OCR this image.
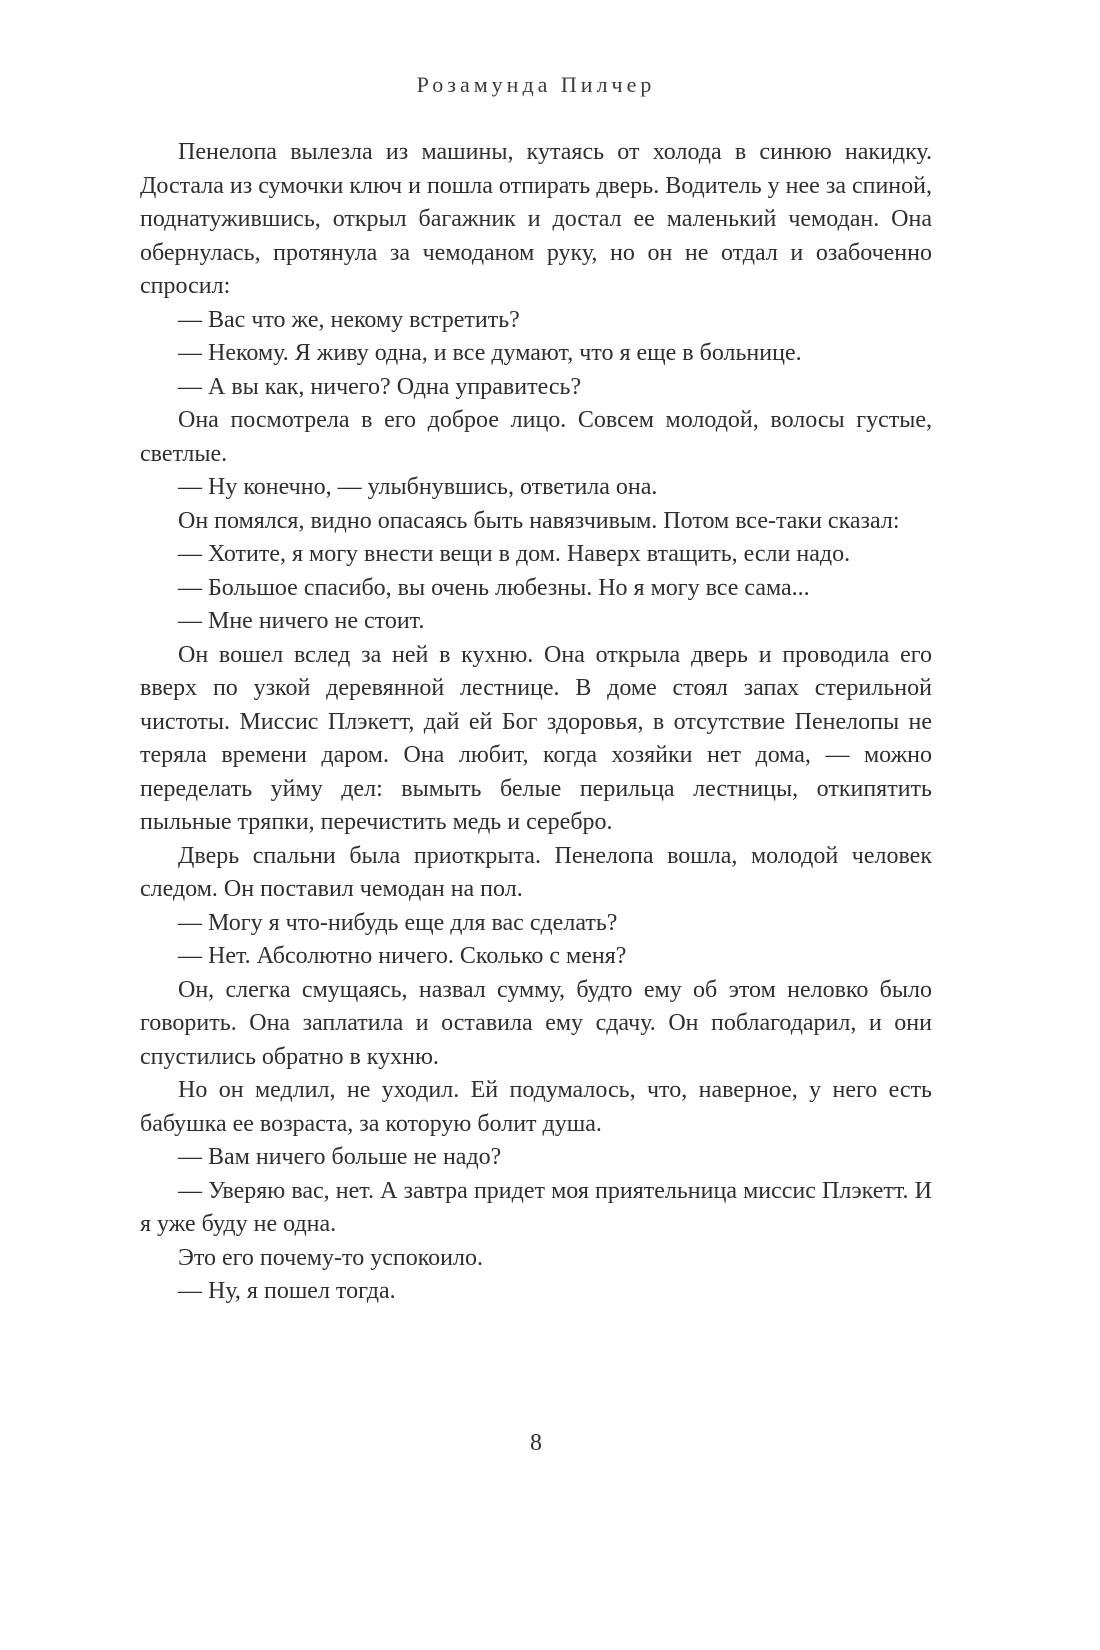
Розамунда Пилчер

Пенелопа вылезла из машины, кутаясь от холода в синюю накидку. Достала из сумочки ключ и пошла отпирать дверь. Водитель у нее за спиной, поднатужившись, открыл багажник и достал ее маленький чемодан. Она обернулась, протянула за чемоданом руку, но он не отдал и озабоченно спросил:

— Вас что же, некому встретить?

— Некому. Я живу одна, и все думают, что я еще в больнице.

— А вы как, ничего? Одна управитесь?

Она посмотрела в его доброе лицо. Совсем молодой, волосы густые, светлые.

— Ну конечно, — улыбнувшись, ответила она.

Он помялся, видно опасаясь быть навязчивым. Потом все-таки сказал:

— Хотите, я могу внести вещи в дом. Наверх втащить, если надо.

— Большое спасибо, вы очень любезны. Но я могу все сама...

— Мне ничего не стоит.

Он вошел вслед за ней в кухню. Она открыла дверь и проводила его вверх по узкой деревянной лестнице. В доме стоял запах стерильной чистоты. Миссис Плэкетт, дай ей Бог здоровья, в отсутствие Пенелопы не теряла времени даром. Она любит, когда хозяйки нет дома, — можно переделать уйму дел: вымыть белые перильца лестницы, откипятить пыльные тряпки, перечистить медь и серебро.

Дверь спальни была приоткрыта. Пенелопа вошла, молодой человек следом. Он поставил чемодан на пол.

— Могу я что-нибудь еще для вас сделать?

— Нет. Абсолютно ничего. Сколько с меня?

Он, слегка смущаясь, назвал сумму, будто ему об этом неловко было говорить. Она заплатила и оставила ему сдачу. Он поблагодарил, и они спустились обратно в кухню.

Но он медлил, не уходил. Ей подумалось, что, наверное, у него есть бабушка ее возраста, за которую болит душа.

— Вам ничего больше не надо?

— Уверяю вас, нет. А завтра придет моя приятельница миссис Плэкетт. И я уже буду не одна.

Это его почему-то успокоило.

— Ну, я пошел тогда.

8
